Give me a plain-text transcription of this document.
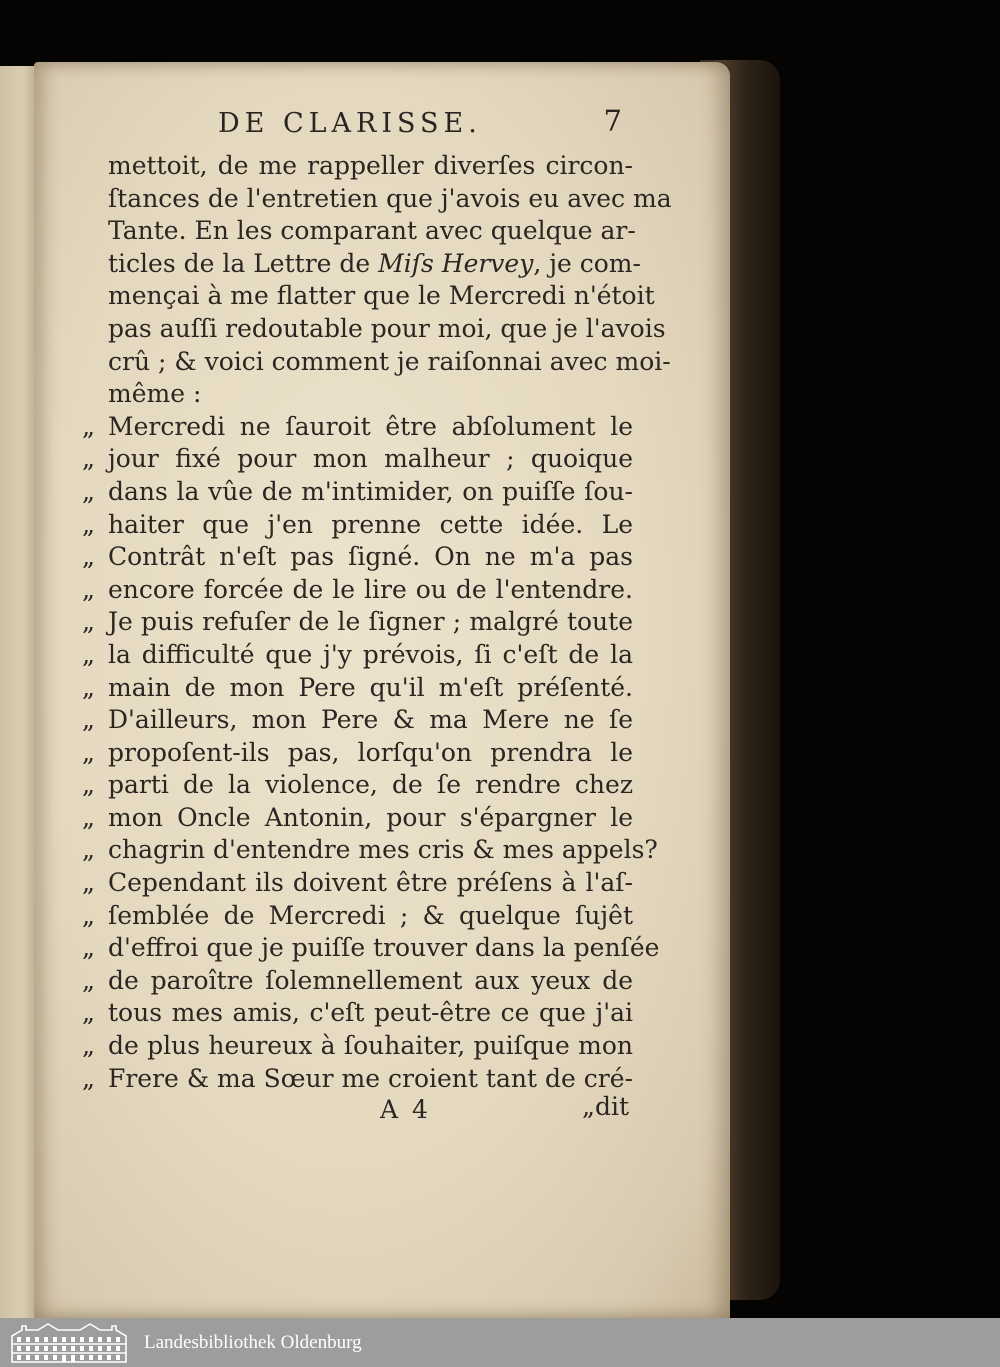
DE CLARISSE.	7
mettoit, de me rappeller diverſes circon-
ſtances de l'entretien que j'avois eu avec ma
Tante. En les comparant avec quelque ar-
ticles de la Lettre de Miſs Hervey, je com-
mençai à me flatter que le Mercredi n'étoit
pas auſſi redoutable pour moi, que je l'avois
crû ; & voici comment je raiſonnai avec moi-
même :
Mercredi ne ſauroit être abſolument le
jour fixé pour mon malheur ; quoique
dans la vûe de m'intimider, on puiſſe ſou-
haiter que j'en prenne cette idée. Le
Contrât n'eſt pas ſigné. On ne m'a pas
encore forcée de le lire ou de l'entendre.
Je puis refuſer de le ſigner ; malgré toute
la difficulté que j'y prévois, ſi c'eſt de la
main de mon Pere qu'il m'eſt préſenté.
D'ailleurs, mon Pere & ma Mere ne ſe
propoſent-ils pas, lorſqu'on prendra le
parti de la violence, de ſe rendre chez
mon Oncle Antonin, pour s'épargner le
chagrin d'entendre mes cris & mes appels?
Cependant ils doivent être préſens à l'aſ-
ſemblée de Mercredi ; & quelque ſujêt
d'effroi que je puiſſe trouver dans la penſée
de paroître ſolemnellement aux yeux de
tous mes amis, c'eſt peut-être ce que j'ai
de plus heureux à ſouhaiter, puiſque mon
Frere & ma Sœur me croient tant de cré-
A 4	„dit
Landesbibliothek Oldenburg
